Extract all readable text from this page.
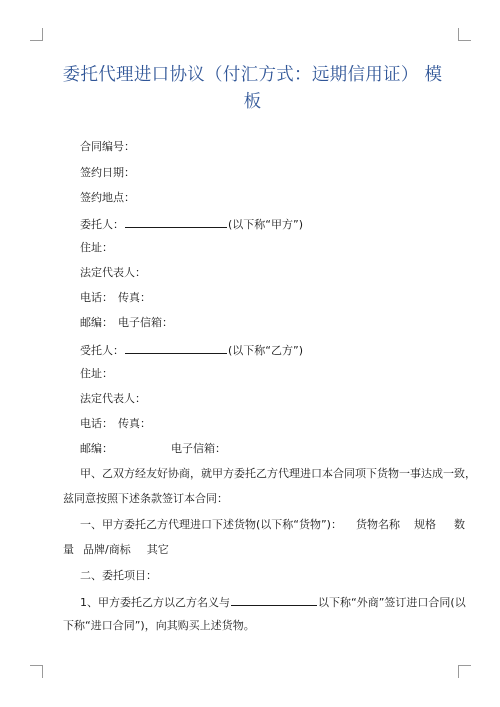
委托代理进口协议（付汇方式：远期信用证） 模板
合同编号：
签约日期：
签约地点：
委托人：	(以下称“甲方”)
住址：
法定代表人：
电话： 传真：
邮编： 电子信箱：
受托人：	(以下称“乙方”)
住址：
法定代表人：
电话： 传真：
邮编：	电子信箱：
甲、乙双方经友好协商，就甲方委托乙方代理进口本合同项下货物一事达成一致，
兹同意按照下述条款签订本合同：
一、甲方委托乙方代理进口下述货物(以下称“货物”)： 货物名称 规格 数
量 品牌/商标 其它
二、委托项目：
1、甲方委托乙方以乙方名义与	以下称“外商”签订进口合同(以
下称“进口合同”)，向其购买上述货物。
